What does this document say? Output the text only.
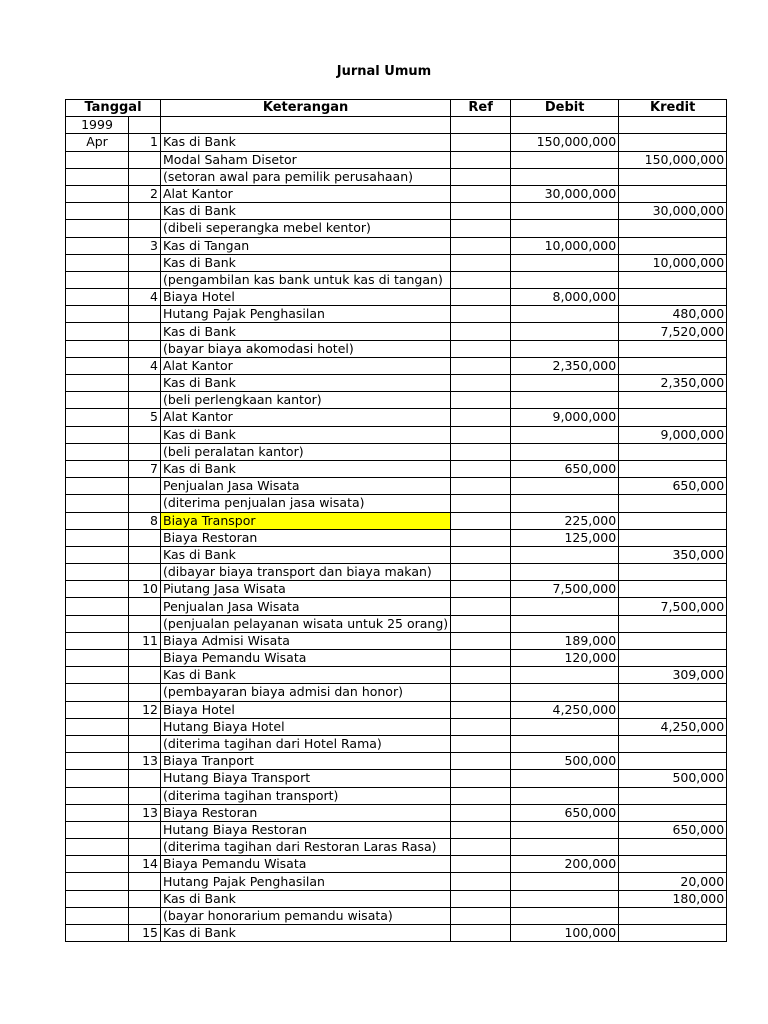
Jurnal Umum
Tanggal		Keterangan	Ref	Debit	Kredit
1999					
Apr	1	Kas di Bank		150,000,000	
		Modal Saham Disetor			150,000,000
		(setoran awal para pemilik perusahaan)			
	2	Alat Kantor		30,000,000	
		Kas di Bank			30,000,000
		(dibeli seperangka mebel kentor)			
	3	Kas di Tangan		10,000,000	
		Kas di Bank			10,000,000
		(pengambilan kas bank untuk kas di tangan)			
	4	Biaya Hotel		8,000,000	
		Hutang Pajak Penghasilan			480,000
		Kas di Bank			7,520,000
		(bayar biaya akomodasi hotel)			
	4	Alat Kantor		2,350,000	
		Kas di Bank			2,350,000
		(beli perlengkaan kantor)			
	5	Alat Kantor		9,000,000	
		Kas di Bank			9,000,000
		(beli peralatan kantor)			
	7	Kas di Bank		650,000	
		Penjualan Jasa Wisata			650,000
		(diterima penjualan jasa wisata)			
	8	Biaya Transpor		225,000	
		Biaya Restoran		125,000	
		Kas di Bank			350,000
		(dibayar biaya transport dan biaya makan)			
	10	Piutang Jasa Wisata		7,500,000	
		Penjualan Jasa Wisata			7,500,000
		(penjualan pelayanan wisata untuk 25 orang)			
	11	Biaya Admisi Wisata		189,000	
		Biaya Pemandu Wisata		120,000	
		Kas di Bank			309,000
		(pembayaran biaya admisi dan honor)			
	12	Biaya Hotel		4,250,000	
		Hutang Biaya Hotel			4,250,000
		(diterima tagihan dari Hotel Rama)			
	13	Biaya Tranport		500,000	
		Hutang Biaya Transport			500,000
		(diterima tagihan transport)			
	13	Biaya Restoran		650,000	
		Hutang Biaya Restoran			650,000
		(diterima tagihan dari Restoran Laras Rasa)			
	14	Biaya Pemandu Wisata		200,000	
		Hutang Pajak Penghasilan			20,000
		Kas di Bank			180,000
		(bayar honorarium pemandu wisata)			
	15	Kas di Bank		100,000	
